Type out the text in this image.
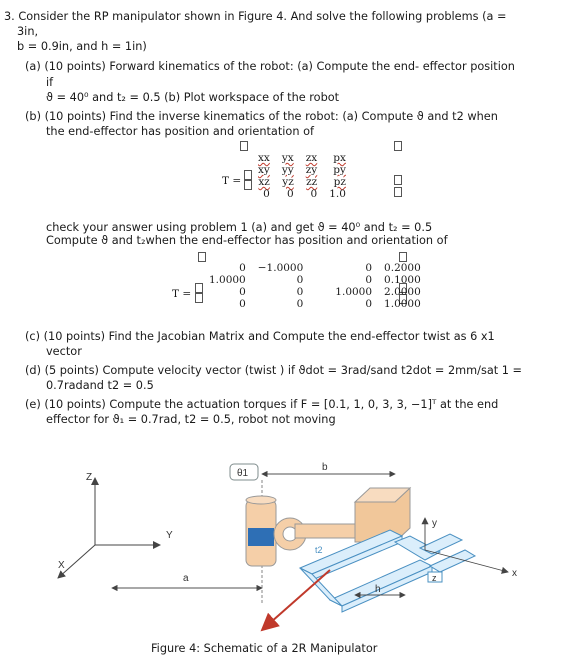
3. Consider the RP manipulator shown in Figure 4. And solve the following problems (a =
3in,
b = 0.9in, and h = 1in)
(a) (10 points) Forward kinematics of the robot: (a) Compute the end- effector position
if
ϑ = 40⁰ and t₂ = 0.5 (b) Plot workspace of the robot
(b) (10 points) Find the inverse kinematics of the robot: (a) Compute ϑ and t2 when
the end-effector has position and orientation of
T =
xx	yx	zx	px
xy	yy	zy	py
xz	yz	zz	pz
0	0	0	1.0
check your answer using problem 1 (a) and get ϑ = 40⁰ and t₂ = 0.5
Compute ϑ and t₂when the end-effector has position and orientation of
T =
0	−1.0000	0	0.2000
1.0000	0	0	0.1000
0	0	1.0000	2.0000
0	0	0	1.0000
(c) (10 points) Find the Jacobian Matrix and Compute the end-effector twist as 6 x1
vector
(d) (5 points) Compute velocity vector (twist ) if ϑdot = 3rad/sand t2dot = 2mm/sat 1 =
0.7radand t2 = 0.5
(e) (10 points) Compute the actuation torques if F = [0.1, 1, 0, 3, 3, −1]ᵀ at the end
effector for ϑ₁ = 0.7rad, t2 = 0.5, robot not moving
Z
Y
X
a
θ1
b
t2
h
z
y
x
Figure 4: Schematic of a 2R Manipulator
